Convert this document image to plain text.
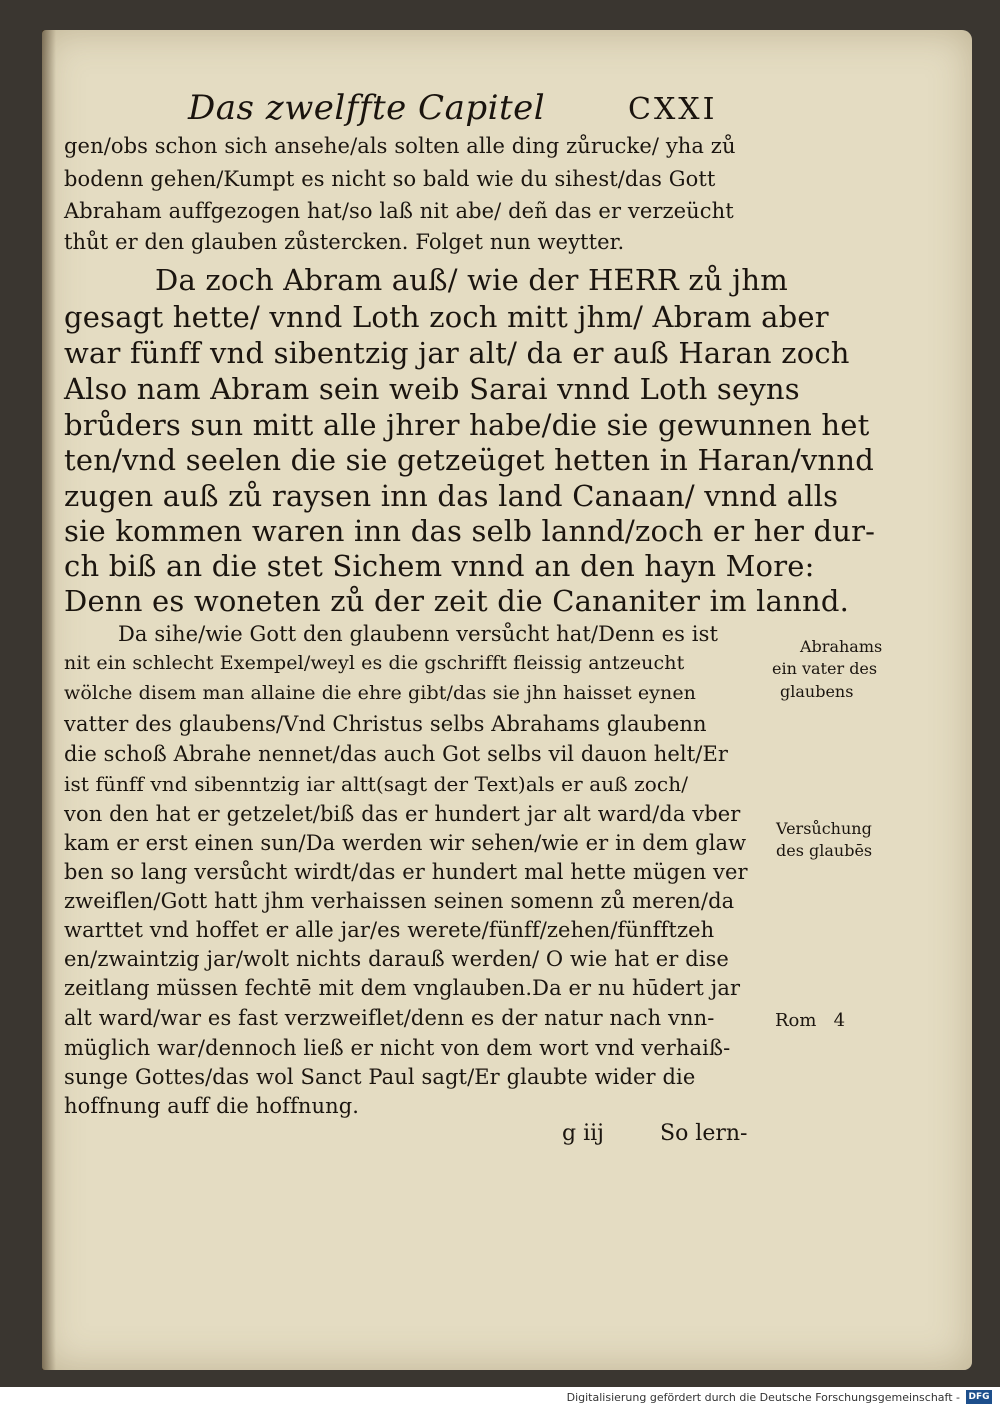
Das zwelffte Capitel	CXXI
gen/obs schon sich ansehe/als solten alle ding zůrucke/ yha zů
bodenn gehen/Kumpt es nicht so bald wie du sihest/das Gott
Abraham auffgezogen hat/so laß nit abe/ deñ das er verzeücht
thůt er den glauben zůstercken. Folget nun weytter.
Da zoch Abram auß/ wie der HERR zů jhm
gesagt hette/ vnnd Loth zoch mitt jhm/ Abram aber
war fünff vnd sibentzig jar alt/ da er auß Haran zoch
Also nam Abram sein weib Sarai vnnd Loth seyns
brůders sun mitt alle jhrer habe/die sie gewunnen het
ten/vnd seelen die sie getzeüget hetten in Haran/vnnd
zugen auß zů raysen inn das land Canaan/ vnnd alls
sie kommen waren inn das selb lannd/zoch er her dur-
ch biß an die stet Sichem vnnd an den hayn More:
Denn es woneten zů der zeit die Cananiter im lannd.
Da sihe/wie Gott den glaubenn versůcht hat/Denn es ist
nit ein schlecht Exempel/weyl es die gschrifft fleissig antzeucht
wölche disem man allaine die ehre gibt/das sie jhn haisset eynen
vatter des glaubens/Vnd Christus selbs Abrahams glaubenn
die schoß Abrahe nennet/das auch Got selbs vil dauon helt/Er
ist fünff vnd sibenntzig iar altt(sagt der Text)als er auß zoch/
von den hat er getzelet/biß das er hundert jar alt ward/da vber
kam er erst einen sun/Da werden wir sehen/wie er in dem glaw
ben so lang versůcht wirdt/das er hundert mal hette mügen ver
zweiflen/Gott hatt jhm verhaissen seinen somenn zů meren/da
warttet vnd hoffet er alle jar/es werete/fünff/zehen/fünfftzeh
en/zwaintzig jar/wolt nichts darauß werden/ O wie hat er dise
zeitlang müssen fechtē mit dem vnglauben.Da er nu hūdert jar
alt ward/war es fast verzweiflet/denn es der natur nach vnn-
müglich war/dennoch ließ er nicht von dem wort vnd verhaiß-
sunge Gottes/das wol Sanct Paul sagt/Er glaubte wider die
hoffnung auff die hoffnung.
Abrahams
ein vater des
glaubens
Versůchung
des glaubēs
Rom   4
g iij	So lern-
Digitalisierung gefördert durch die Deutsche Forschungsgemeinschaft - DFG
